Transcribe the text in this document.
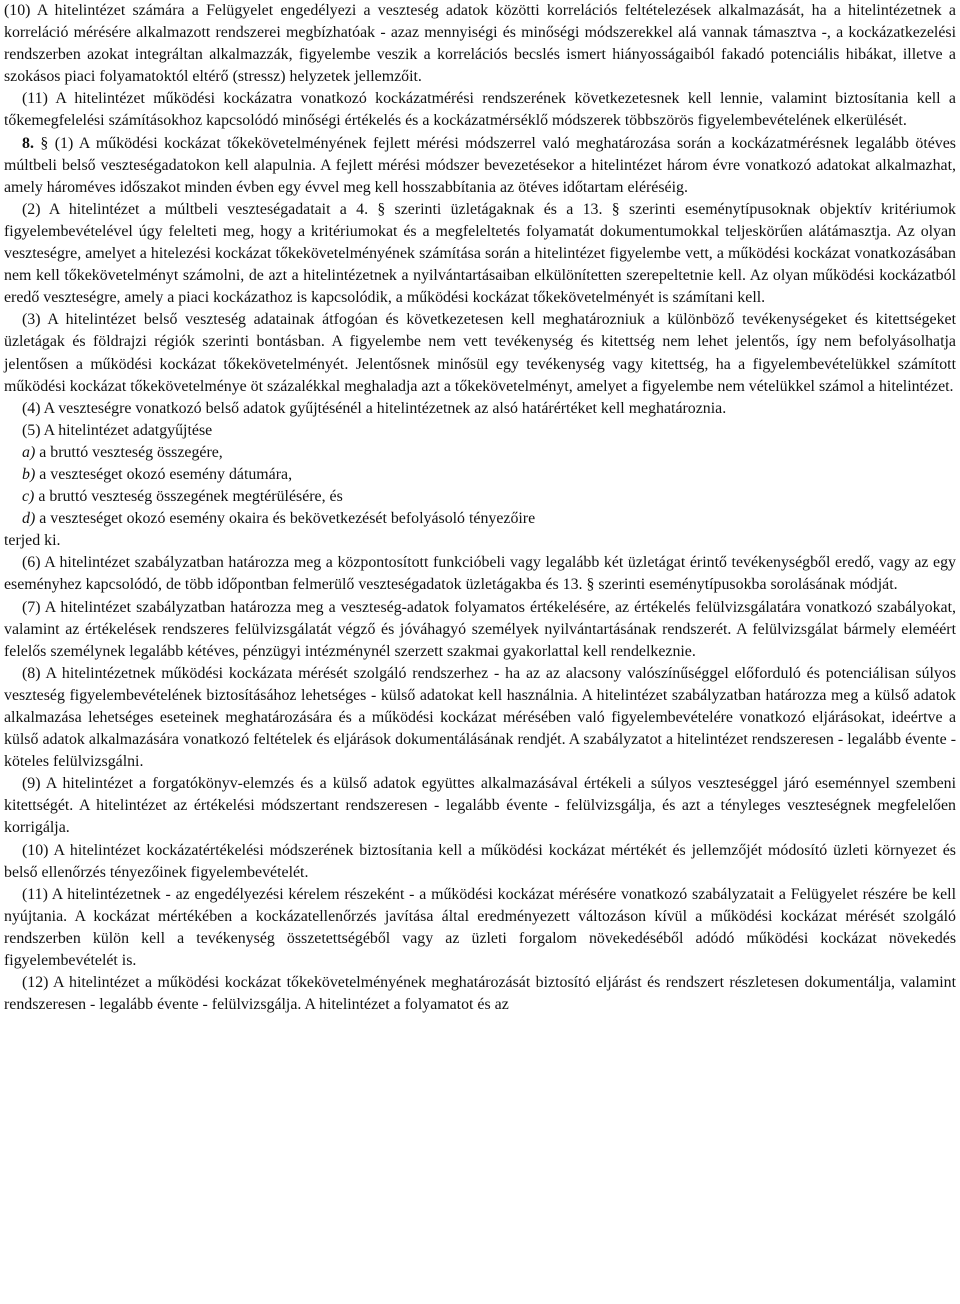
(10) A hitelintézet számára a Felügyelet engedélyezi a veszteség adatok közötti korrelációs feltételezések alkalmazását, ha a hitelintézetnek a korreláció mérésére alkalmazott rendszerei megbízhatóak - azaz mennyiségi és minőségi módszerekkel alá vannak támasztva -, a kockázatkezelési rendszerben azokat integráltan alkalmazzák, figyelembe veszik a korrelációs becslés ismert hiányosságaiból fakadó potenciális hibákat, illetve a szokásos piaci folyamatoktól eltérő (stressz) helyzetek jellemzőit.

(11) A hitelintézet működési kockázatra vonatkozó kockázatmérési rendszerének következetesnek kell lennie, valamint biztosítania kell a tőkemegfelelési számításokhoz kapcsolódó minőségi értékelés és a kockázatmérséklő módszerek többszörös figyelembevételének elkerülését.

8. § (1) A működési kockázat tőkekövetelményének fejlett mérési módszerrel való meghatározása során a kockázatmérésnek legalább ötéves múltbeli belső veszteségadatokon kell alapulnia. A fejlett mérési módszer bevezetésekor a hitelintézet három évre vonatkozó adatokat alkalmazhat, amely hároméves időszakot minden évben egy évvel meg kell hosszabbítania az ötéves időtartam eléréséig.

(2) A hitelintézet a múltbeli veszteségadatait a 4. § szerinti üzletágaknak és a 13. § szerinti eseménytípusoknak objektív kritériumok figyelembevételével úgy felelteti meg, hogy a kritériumokat és a megfeleltetés folyamatát dokumentumokkal teljeskörűen alátámasztja. Az olyan veszteségre, amelyet a hitelezési kockázat tőkekövetelményének számítása során a hitelintézet figyelembe vett, a működési kockázat vonatkozásában nem kell tőkekövetelményt számolni, de azt a hitelintézetnek a nyilvántartásaiban elkülönítetten szerepeltetnie kell. Az olyan működési kockázatból eredő veszteségre, amely a piaci kockázathoz is kapcsolódik, a működési kockázat tőkekövetelményét is számítani kell.

(3) A hitelintézet belső veszteség adatainak átfogóan és következetesen kell meghatározniuk a különböző tevékenységeket és kitettségeket üzletágak és földrajzi régiók szerinti bontásban. A figyelembe nem vett tevékenység és kitettség nem lehet jelentős, így nem befolyásolhatja jelentősen a működési kockázat tőkekövetelményét. Jelentősnek minősül egy tevékenység vagy kitettség, ha a figyelembevételükkel számított működési kockázat tőkekövetelménye öt százalékkal meghaladja azt a tőkekövetelményt, amelyet a figyelembe nem vételükkel számol a hitelintézet.

(4) A veszteségre vonatkozó belső adatok gyűjtésénél a hitelintézetnek az alsó határértéket kell meghatároznia.

(5) A hitelintézet adatgyűjtése

a) a bruttó veszteség összegére,

b) a veszteséget okozó esemény dátumára,

c) a bruttó veszteség összegének megtérülésére, és

d) a veszteséget okozó esemény okaira és bekövetkezését befolyásoló tényezőire

terjed ki.

(6) A hitelintézet szabályzatban határozza meg a központosított funkcióbeli vagy legalább két üzletágat érintő tevékenységből eredő, vagy az egy eseményhez kapcsolódó, de több időpontban felmerülő veszteségadatok üzletágakba és 13. § szerinti eseménytípusokba sorolásának módját.

(7) A hitelintézet szabályzatban határozza meg a veszteség-adatok folyamatos értékelésére, az értékelés felülvizsgálatára vonatkozó szabályokat, valamint az értékelések rendszeres felülvizsgálatát végző és jóváhagyó személyek nyilvántartásának rendszerét. A felülvizsgálat bármely eleméért felelős személynek legalább kétéves, pénzügyi intézménynél szerzett szakmai gyakorlattal kell rendelkeznie.

(8) A hitelintézetnek működési kockázata mérését szolgáló rendszerhez - ha az az alacsony valószínűséggel előforduló és potenciálisan súlyos veszteség figyelembevételének biztosításához lehetséges - külső adatokat kell használnia. A hitelintézet szabályzatban határozza meg a külső adatok alkalmazása lehetséges eseteinek meghatározására és a működési kockázat mérésében való figyelembevételére vonatkozó eljárásokat, ideértve a külső adatok alkalmazására vonatkozó feltételek és eljárások dokumentálásának rendjét. A szabályzatot a hitelintézet rendszeresen - legalább évente - köteles felülvizsgálni.

(9) A hitelintézet a forgatókönyv-elemzés és a külső adatok együttes alkalmazásával értékeli a súlyos veszteséggel járó eseménnyel szembeni kitettségét. A hitelintézet az értékelési módszertant rendszeresen - legalább évente - felülvizsgálja, és azt a tényleges veszteségnek megfelelően korrigálja.

(10) A hitelintézet kockázatértékelési módszerének biztosítania kell a működési kockázat mértékét és jellemzőjét módosító üzleti környezet és belső ellenőrzés tényezőinek figyelembevételét.

(11) A hitelintézetnek - az engedélyezési kérelem részeként - a működési kockázat mérésére vonatkozó szabályzatait a Felügyelet részére be kell nyújtania. A kockázat mértékében a kockázatellenőrzés javítása által eredményezett változáson kívül a működési kockázat mérését szolgáló rendszerben külön kell a tevékenység összetettségéből vagy az üzleti forgalom növekedéséből adódó működési kockázat növekedés figyelembevételét is.

(12) A hitelintézet a működési kockázat tőkekövetelményének meghatározását biztosító eljárást és rendszert részletesen dokumentálja, valamint rendszeresen - legalább évente - felülvizsgálja. A hitelintézet a folyamatot és az
